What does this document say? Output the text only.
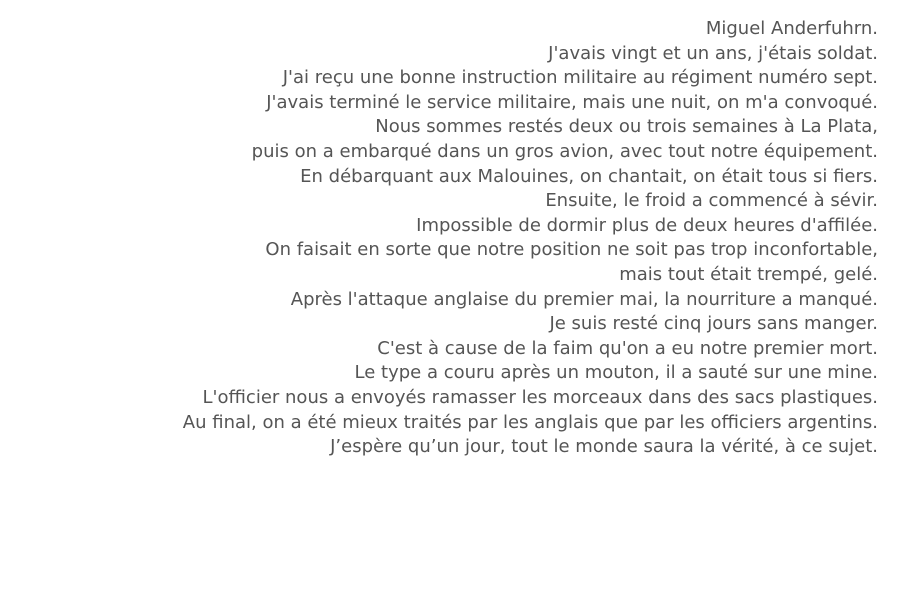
Miguel Anderfuhrn.
J'avais vingt et un ans, j'étais soldat.
J'ai reçu une bonne instruction militaire au régiment numéro sept.
J'avais terminé le service militaire, mais une nuit, on m'a convoqué.
Nous sommes restés deux ou trois semaines à La Plata,
puis on a embarqué dans un gros avion, avec tout notre équipement.
En débarquant aux Malouines, on chantait, on était tous si fiers.
Ensuite, le froid a commencé à sévir.
Impossible de dormir plus de deux heures d'affilée.
On faisait en sorte que notre position ne soit pas trop inconfortable,
mais tout était trempé, gelé.
Après l'attaque anglaise du premier mai, la nourriture a manqué.
Je suis resté cinq jours sans manger.
C'est à cause de la faim qu'on a eu notre premier mort.
Le type a couru après un mouton, il a sauté sur une mine.
L'officier nous a envoyés ramasser les morceaux dans des sacs plastiques.
Au final, on a été mieux traités par les anglais que par les officiers argentins.
J’espère qu’un jour, tout le monde saura la vérité, à ce sujet.
